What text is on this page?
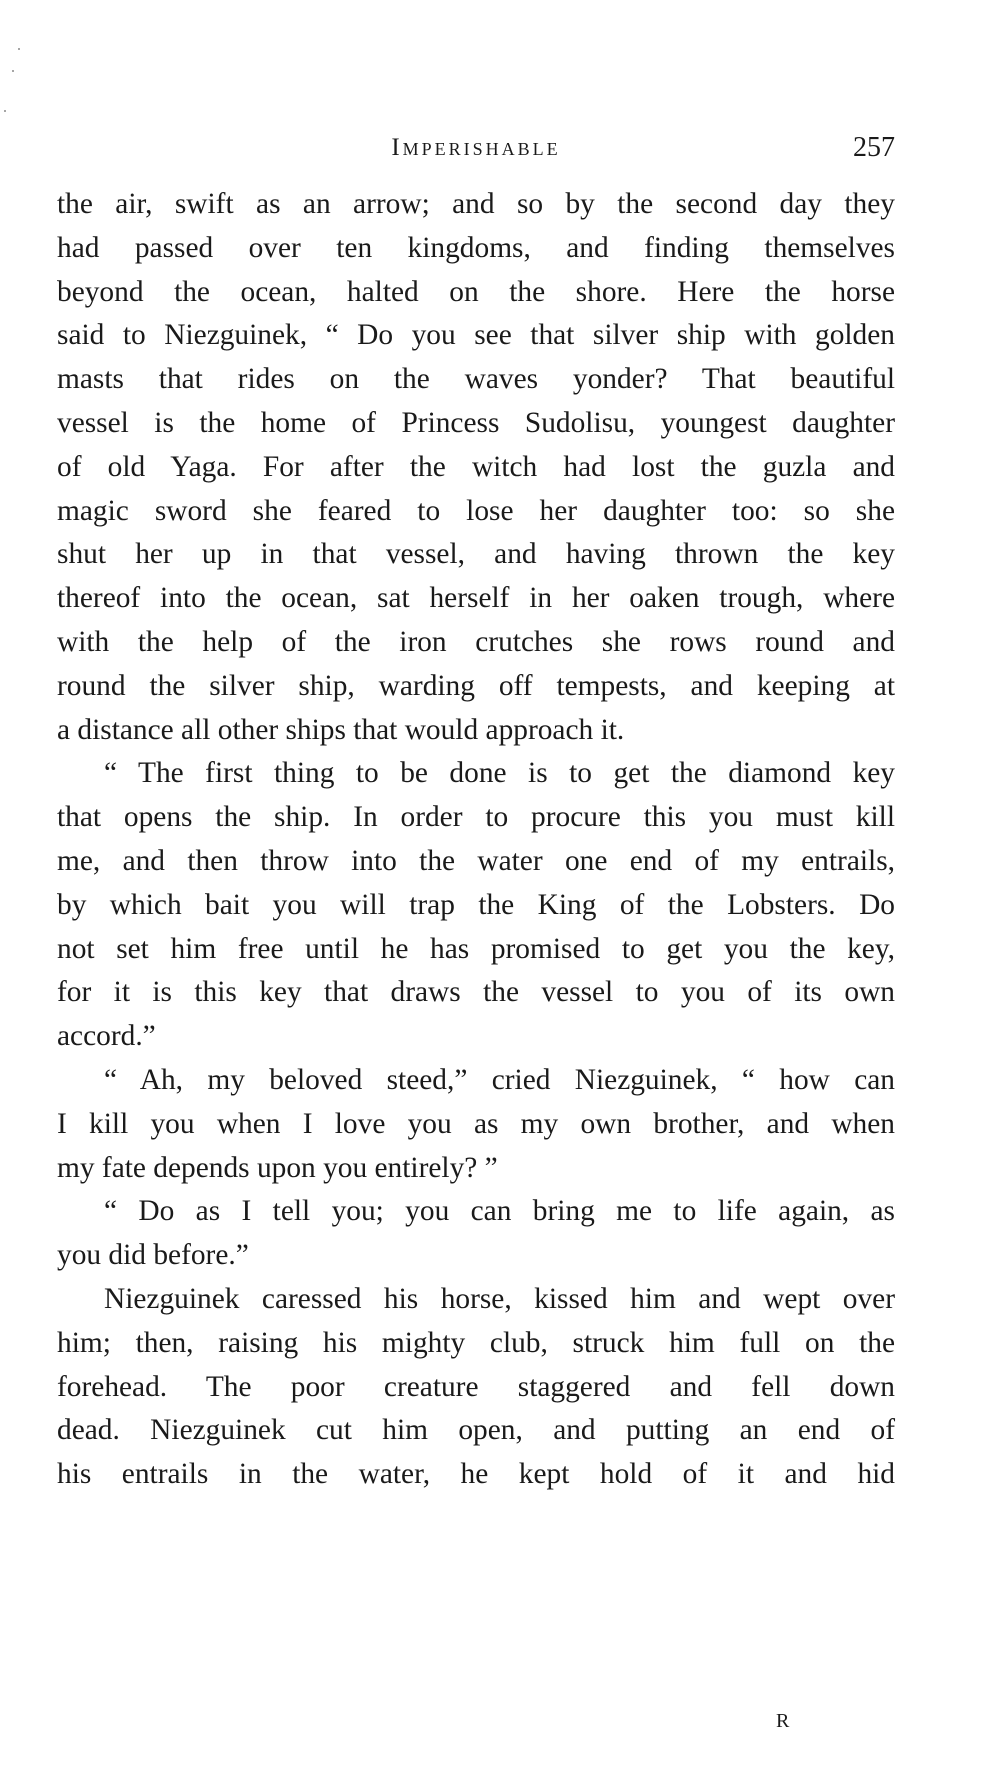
Imperishable	257

the air, swift as an arrow; and so by the second day they

had passed over ten kingdoms, and finding themselves

beyond the ocean, halted on the shore. Here the horse

said to Niezguinek, “ Do you see that silver ship with golden

masts that rides on the waves yonder? That beautiful

vessel is the home of Princess Sudolisu, youngest daughter

of old Yaga. For after the witch had lost the guzla and

magic sword she feared to lose her daughter too: so she

shut her up in that vessel, and having thrown the key

thereof into the ocean, sat herself in her oaken trough, where

with the help of the iron crutches she rows round and

round the silver ship, warding off tempests, and keeping at

a distance all other ships that would approach it.

“ The first thing to be done is to get the diamond key

that opens the ship. In order to procure this you must kill

me, and then throw into the water one end of my entrails,

by which bait you will trap the King of the Lobsters. Do

not set him free until he has promised to get you the key,

for it is this key that draws the vessel to you of its own

accord.”

“ Ah, my beloved steed,” cried Niezguinek, “ how can

I kill you when I love you as my own brother, and when

my fate depends upon you entirely? ”

“ Do as I tell you; you can bring me to life again, as

you did before.”

Niezguinek caressed his horse, kissed him and wept over

him; then, raising his mighty club, struck him full on the

forehead. The poor creature staggered and fell down

dead. Niezguinek cut him open, and putting an end of

his entrails in the water, he kept hold of it and hid

R
